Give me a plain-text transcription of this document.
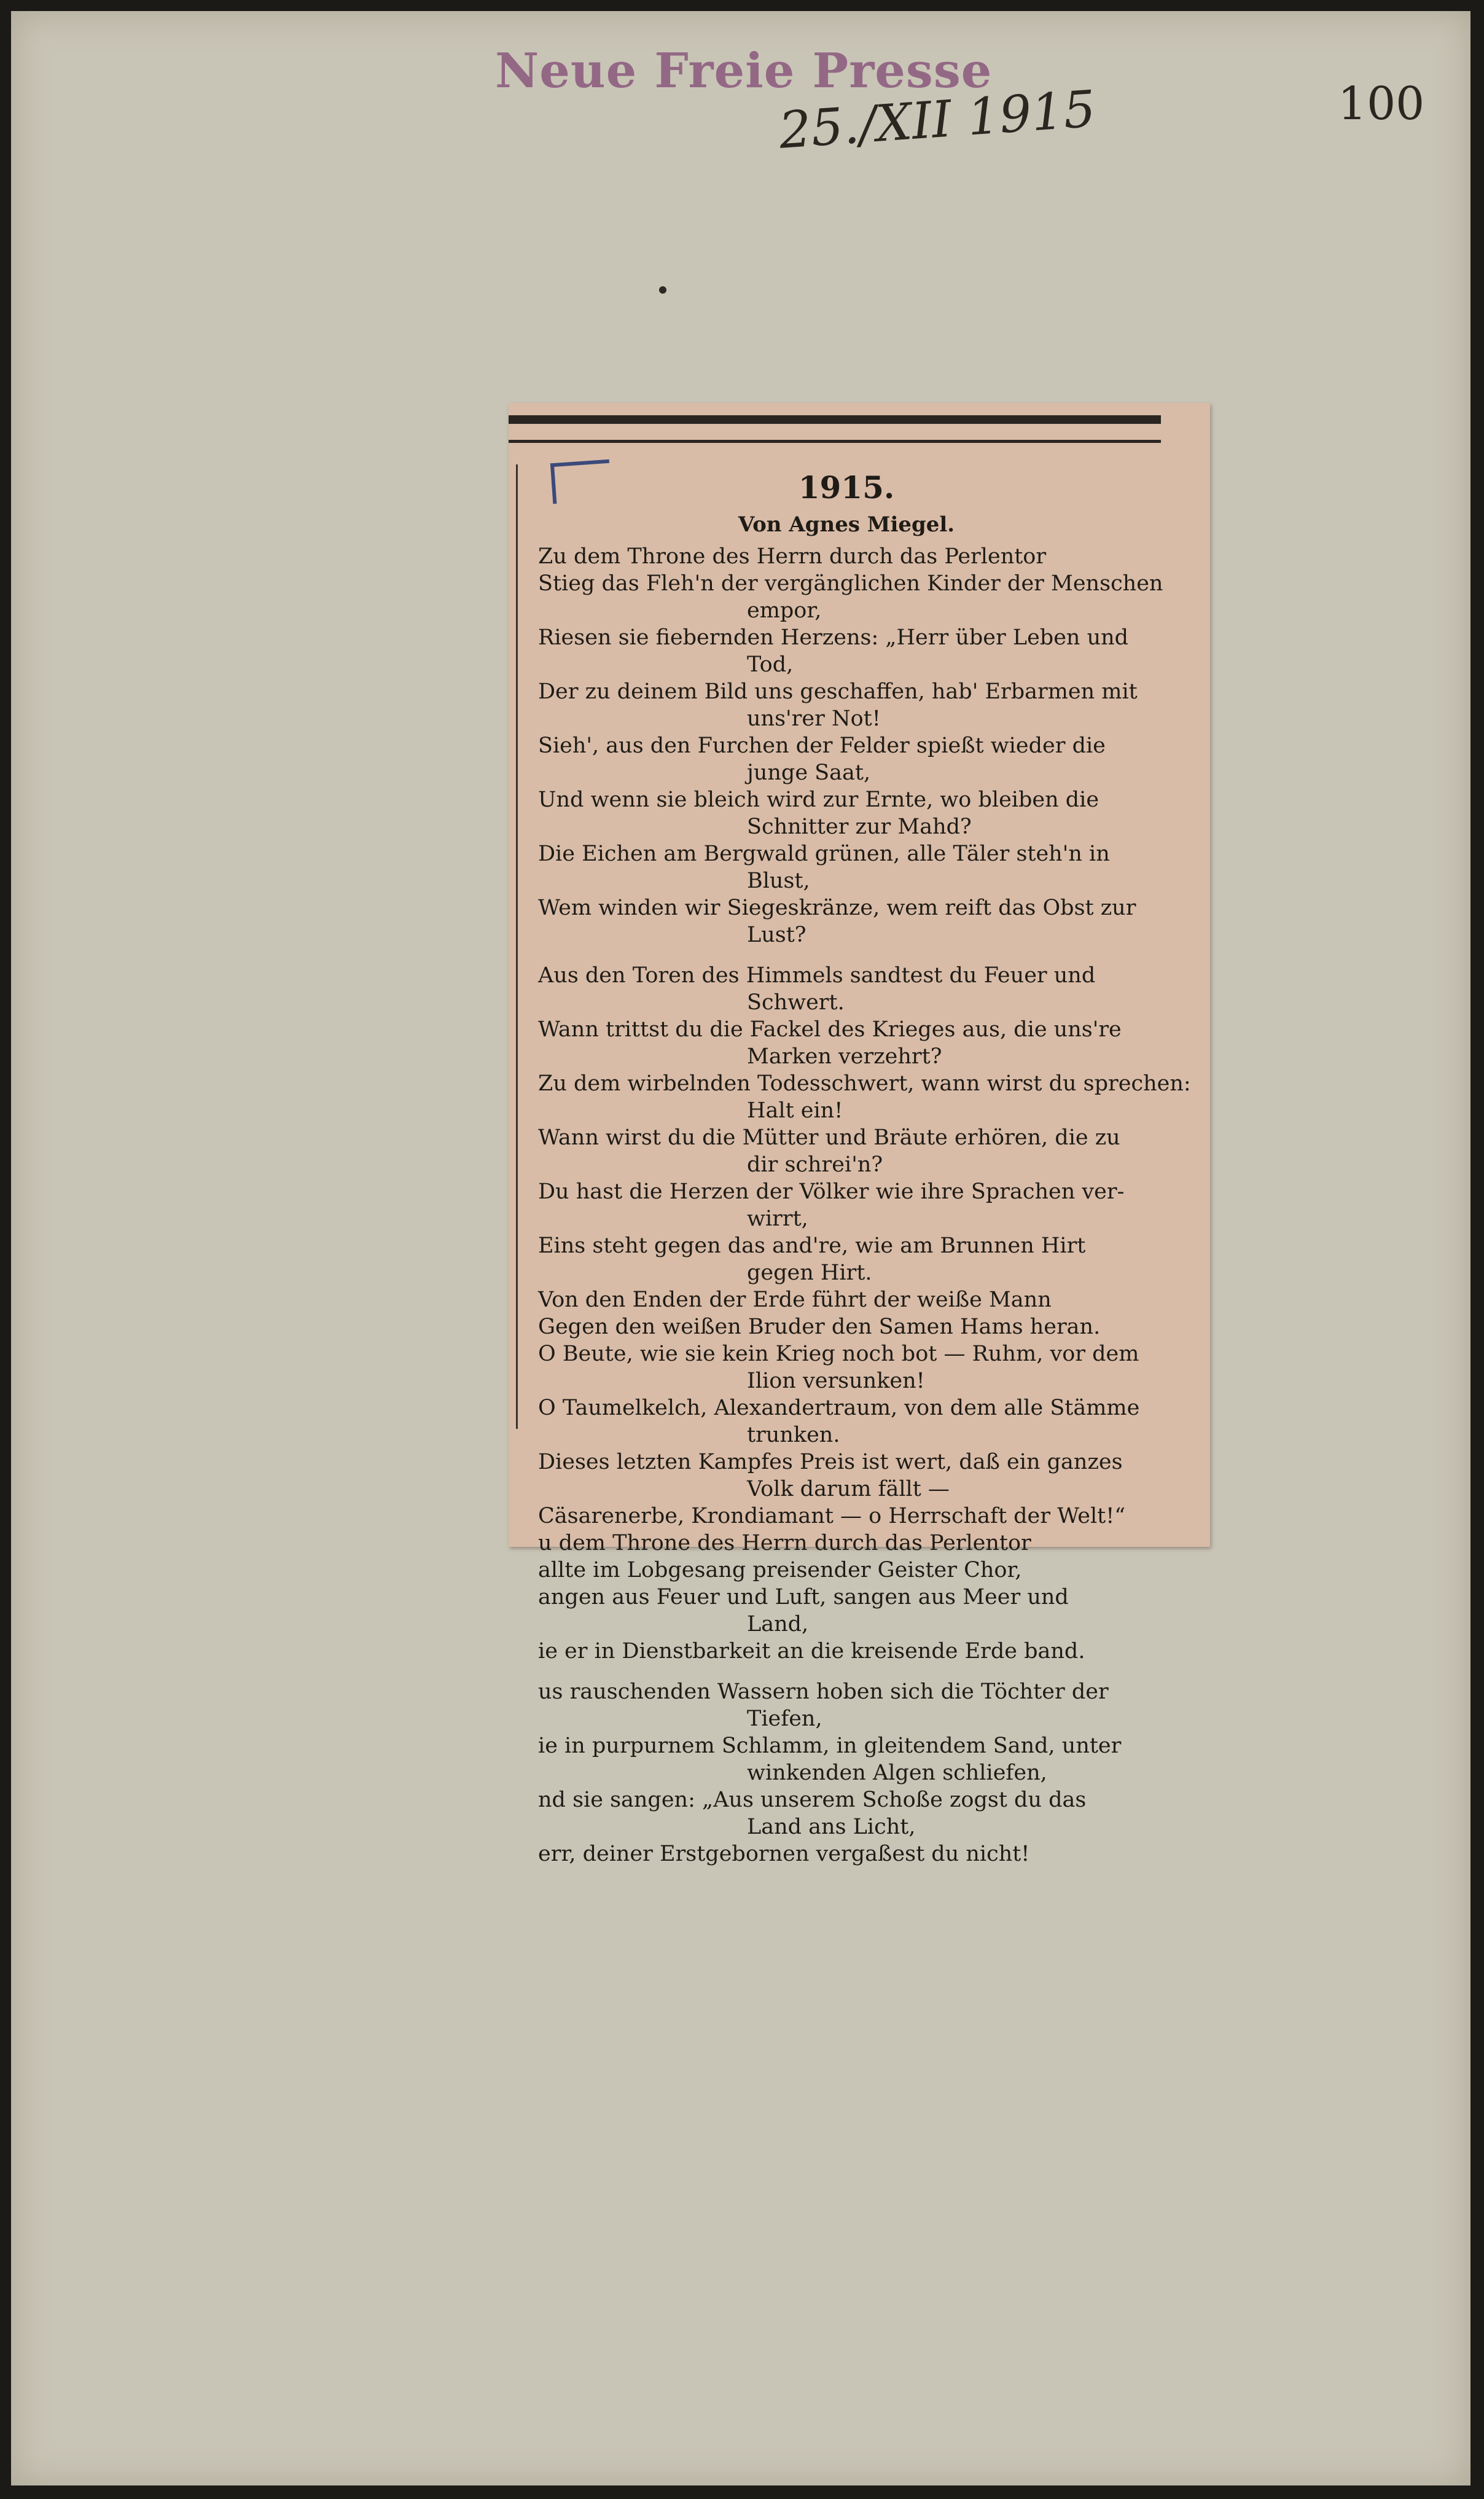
Neue Freie Presse
25./XII 1915	100
1915.
Von Agnes Miegel.
Zu dem Throne des Herrn durch das Perlentor
Stieg das Fleh'n der vergänglichen Kinder der Menschen
empor,
Riesen sie fiebernden Herzens: „Herr über Leben und
Tod,
Der zu deinem Bild uns geschaffen, hab' Erbarmen mit
uns'rer Not!
Sieh', aus den Furchen der Felder spießt wieder die
junge Saat,
Und wenn sie bleich wird zur Ernte, wo bleiben die
Schnitter zur Mahd?
Die Eichen am Bergwald grünen, alle Täler steh'n in
Blust,
Wem winden wir Siegeskränze, wem reift das Obst zur
Lust?
Aus den Toren des Himmels sandtest du Feuer und
Schwert.
Wann trittst du die Fackel des Krieges aus, die uns're
Marken verzehrt?
Zu dem wirbelnden Todesschwert, wann wirst du sprechen:
Halt ein!
Wann wirst du die Mütter und Bräute erhören, die zu
dir schrei'n?
Du hast die Herzen der Völker wie ihre Sprachen ver-
wirrt,
Eins steht gegen das and're, wie am Brunnen Hirt
gegen Hirt.
Von den Enden der Erde führt der weiße Mann
Gegen den weißen Bruder den Samen Hams heran.
O Beute, wie sie kein Krieg noch bot — Ruhm, vor dem
Ilion versunken!
O Taumelkelch, Alexandertraum, von dem alle Stämme
trunken.
Dieses letzten Kampfes Preis ist wert, daß ein ganzes
Volk darum fällt —
Cäsarenerbe, Krondiamant — o Herrschaft der Welt!“
u dem Throne des Herrn durch das Perlentor
allte im Lobgesang preisender Geister Chor,
angen aus Feuer und Luft, sangen aus Meer und
Land,
ie er in Dienstbarkeit an die kreisende Erde band.
us rauschenden Wassern hoben sich die Töchter der
Tiefen,
ie in purpurnem Schlamm, in gleitendem Sand, unter
winkenden Algen schliefen,
nd sie sangen: „Aus unserem Schoße zogst du das
Land ans Licht,
err, deiner Erstgebornen vergaßest du nicht!
